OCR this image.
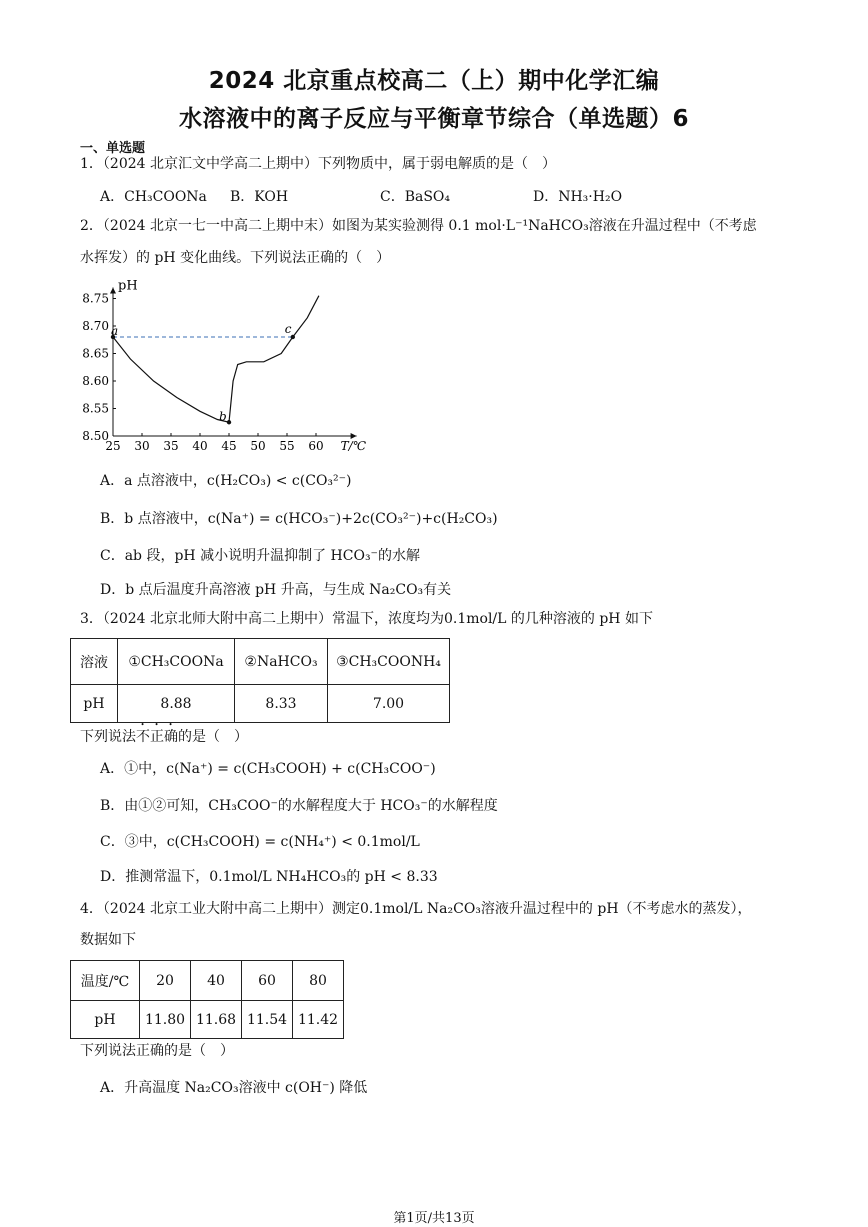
2024 北京重点校高二（上）期中化学汇编
水溶液中的离子反应与平衡章节综合（单选题）6
一、单选题
1．（2024 北京汇文中学高二上期中）下列物质中，属于弱电解质的是（　）
A．CH₃COONa B．KOH	C．BaSO₄	D．NH₃·H₂O
2．（2024 北京一七一中高二上期中末）如图为某实验测得 0.1 mol·L⁻¹NaHCO₃溶液在升温过程中（不考虑
水挥发）的 pH 变化曲线。下列说法正确的（　）
25 30 35 40 45 50 55 60
8.50
8.55
8.60
8.65
8.70
8.75
pH
T/℃
a
b
c
A．a 点溶液中，c(H₂CO₃) < c(CO₃²⁻)
B．b 点溶液中，c(Na⁺) = c(HCO₃⁻)+2c(CO₃²⁻)+c(H₂CO₃)
C．ab 段，pH 减小说明升温抑制了 HCO₃⁻的水解
D．b 点后温度升高溶液 pH 升高，与生成 Na₂CO₃有关
3．（2024 北京北师大附中高二上期中）常温下，浓度均为0.1mol/L 的几种溶液的 pH 如下
溶液	①CH₃COONa	②NaHCO₃	③CH₃COONH₄
pH	8.88	8.33	7.00
下列说法不正确的是（　）
A．①中，c(Na⁺) = c(CH₃COOH) + c(CH₃COO⁻)
B．由①②可知，CH₃COO⁻的水解程度大于 HCO₃⁻的水解程度
C．③中，c(CH₃COOH) = c(NH₄⁺) < 0.1mol/L
D．推测常温下，0.1mol/L NH₄HCO₃的 pH < 8.33
4．（2024 北京工业大附中高二上期中）测定0.1mol/L Na₂CO₃溶液升温过程中的 pH（不考虑水的蒸发），
数据如下
温度/℃	20	40	60	80
pH	11.80	11.68	11.54	11.42
下列说法正确的是（　）
A．升高温度 Na₂CO₃溶液中 c(OH⁻) 降低
第1页/共13页
